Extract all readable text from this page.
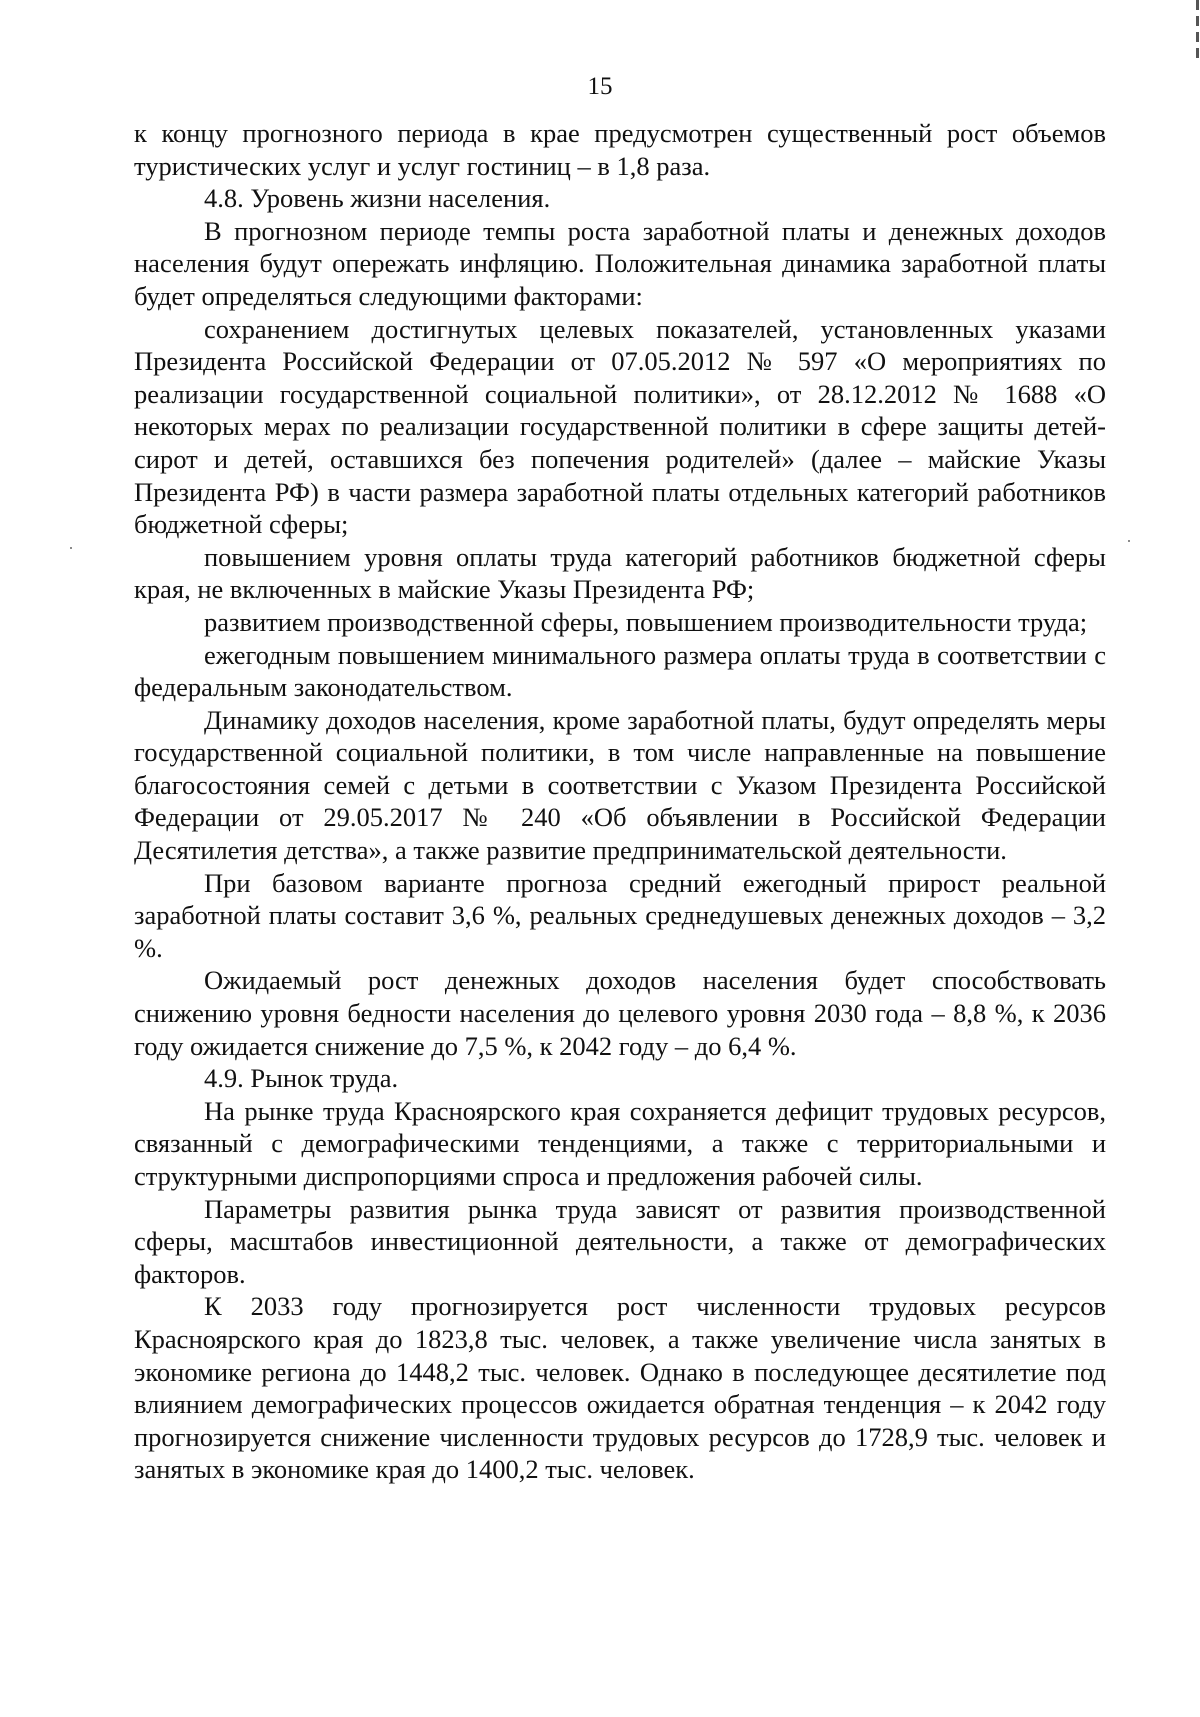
15

к концу прогнозного периода в крае предусмотрен существенный рост объемов туристических услуг и услуг гостиниц – в 1,8 раза.

4.8. Уровень жизни населения.

В прогнозном периоде темпы роста заработной платы и денежных доходов населения будут опережать инфляцию. Положительная динамика заработной платы будет определяться следующими факторами:

сохранением достигнутых целевых показателей, установленных указами Президента Российской Федерации от 07.05.2012 № 597 «О мероприятиях по реализации государственной социальной политики», от 28.12.2012 № 1688 «О некоторых мерах по реализации государственной политики в сфере защиты детей-сирот и детей, оставшихся без попечения родителей» (далее – майские Указы Президента РФ) в части размера заработной платы отдельных категорий работников бюджетной сферы;

повышением уровня оплаты труда категорий работников бюджетной сферы края, не включенных в майские Указы Президента РФ;

развитием производственной сферы, повышением производительности труда;

ежегодным повышением минимального размера оплаты труда в соответствии с федеральным законодательством.

Динамику доходов населения, кроме заработной платы, будут определять меры государственной социальной политики, в том числе направленные на повышение благосостояния семей с детьми в соответствии с Указом Президента Российской Федерации от 29.05.2017 № 240 «Об объявлении в Российской Федерации Десятилетия детства», а также развитие предпринимательской деятельности.

При базовом варианте прогноза средний ежегодный прирост реальной заработной платы составит 3,6 %, реальных среднедушевых денежных доходов – 3,2 %.

Ожидаемый рост денежных доходов населения будет способствовать снижению уровня бедности населения до целевого уровня 2030 года – 8,8 %, к 2036 году ожидается снижение до 7,5 %, к 2042 году – до 6,4 %.

4.9. Рынок труда.

На рынке труда Красноярского края сохраняется дефицит трудовых ресурсов, связанный с демографическими тенденциями, а также с территориальными и структурными диспропорциями спроса и предложения рабочей силы.

Параметры развития рынка труда зависят от развития производственной сферы, масштабов инвестиционной деятельности, а также от демографических факторов.

К 2033 году прогнозируется рост численности трудовых ресурсов Красноярского края до 1823,8 тыс. человек, а также увеличение числа занятых в экономике региона до 1448,2 тыс. человек. Однако в последующее десятилетие под влиянием демографических процессов ожидается обратная тенденция – к 2042 году прогнозируется снижение численности трудовых ресурсов до 1728,9 тыс. человек и занятых в экономике края до 1400,2 тыс. человек.
